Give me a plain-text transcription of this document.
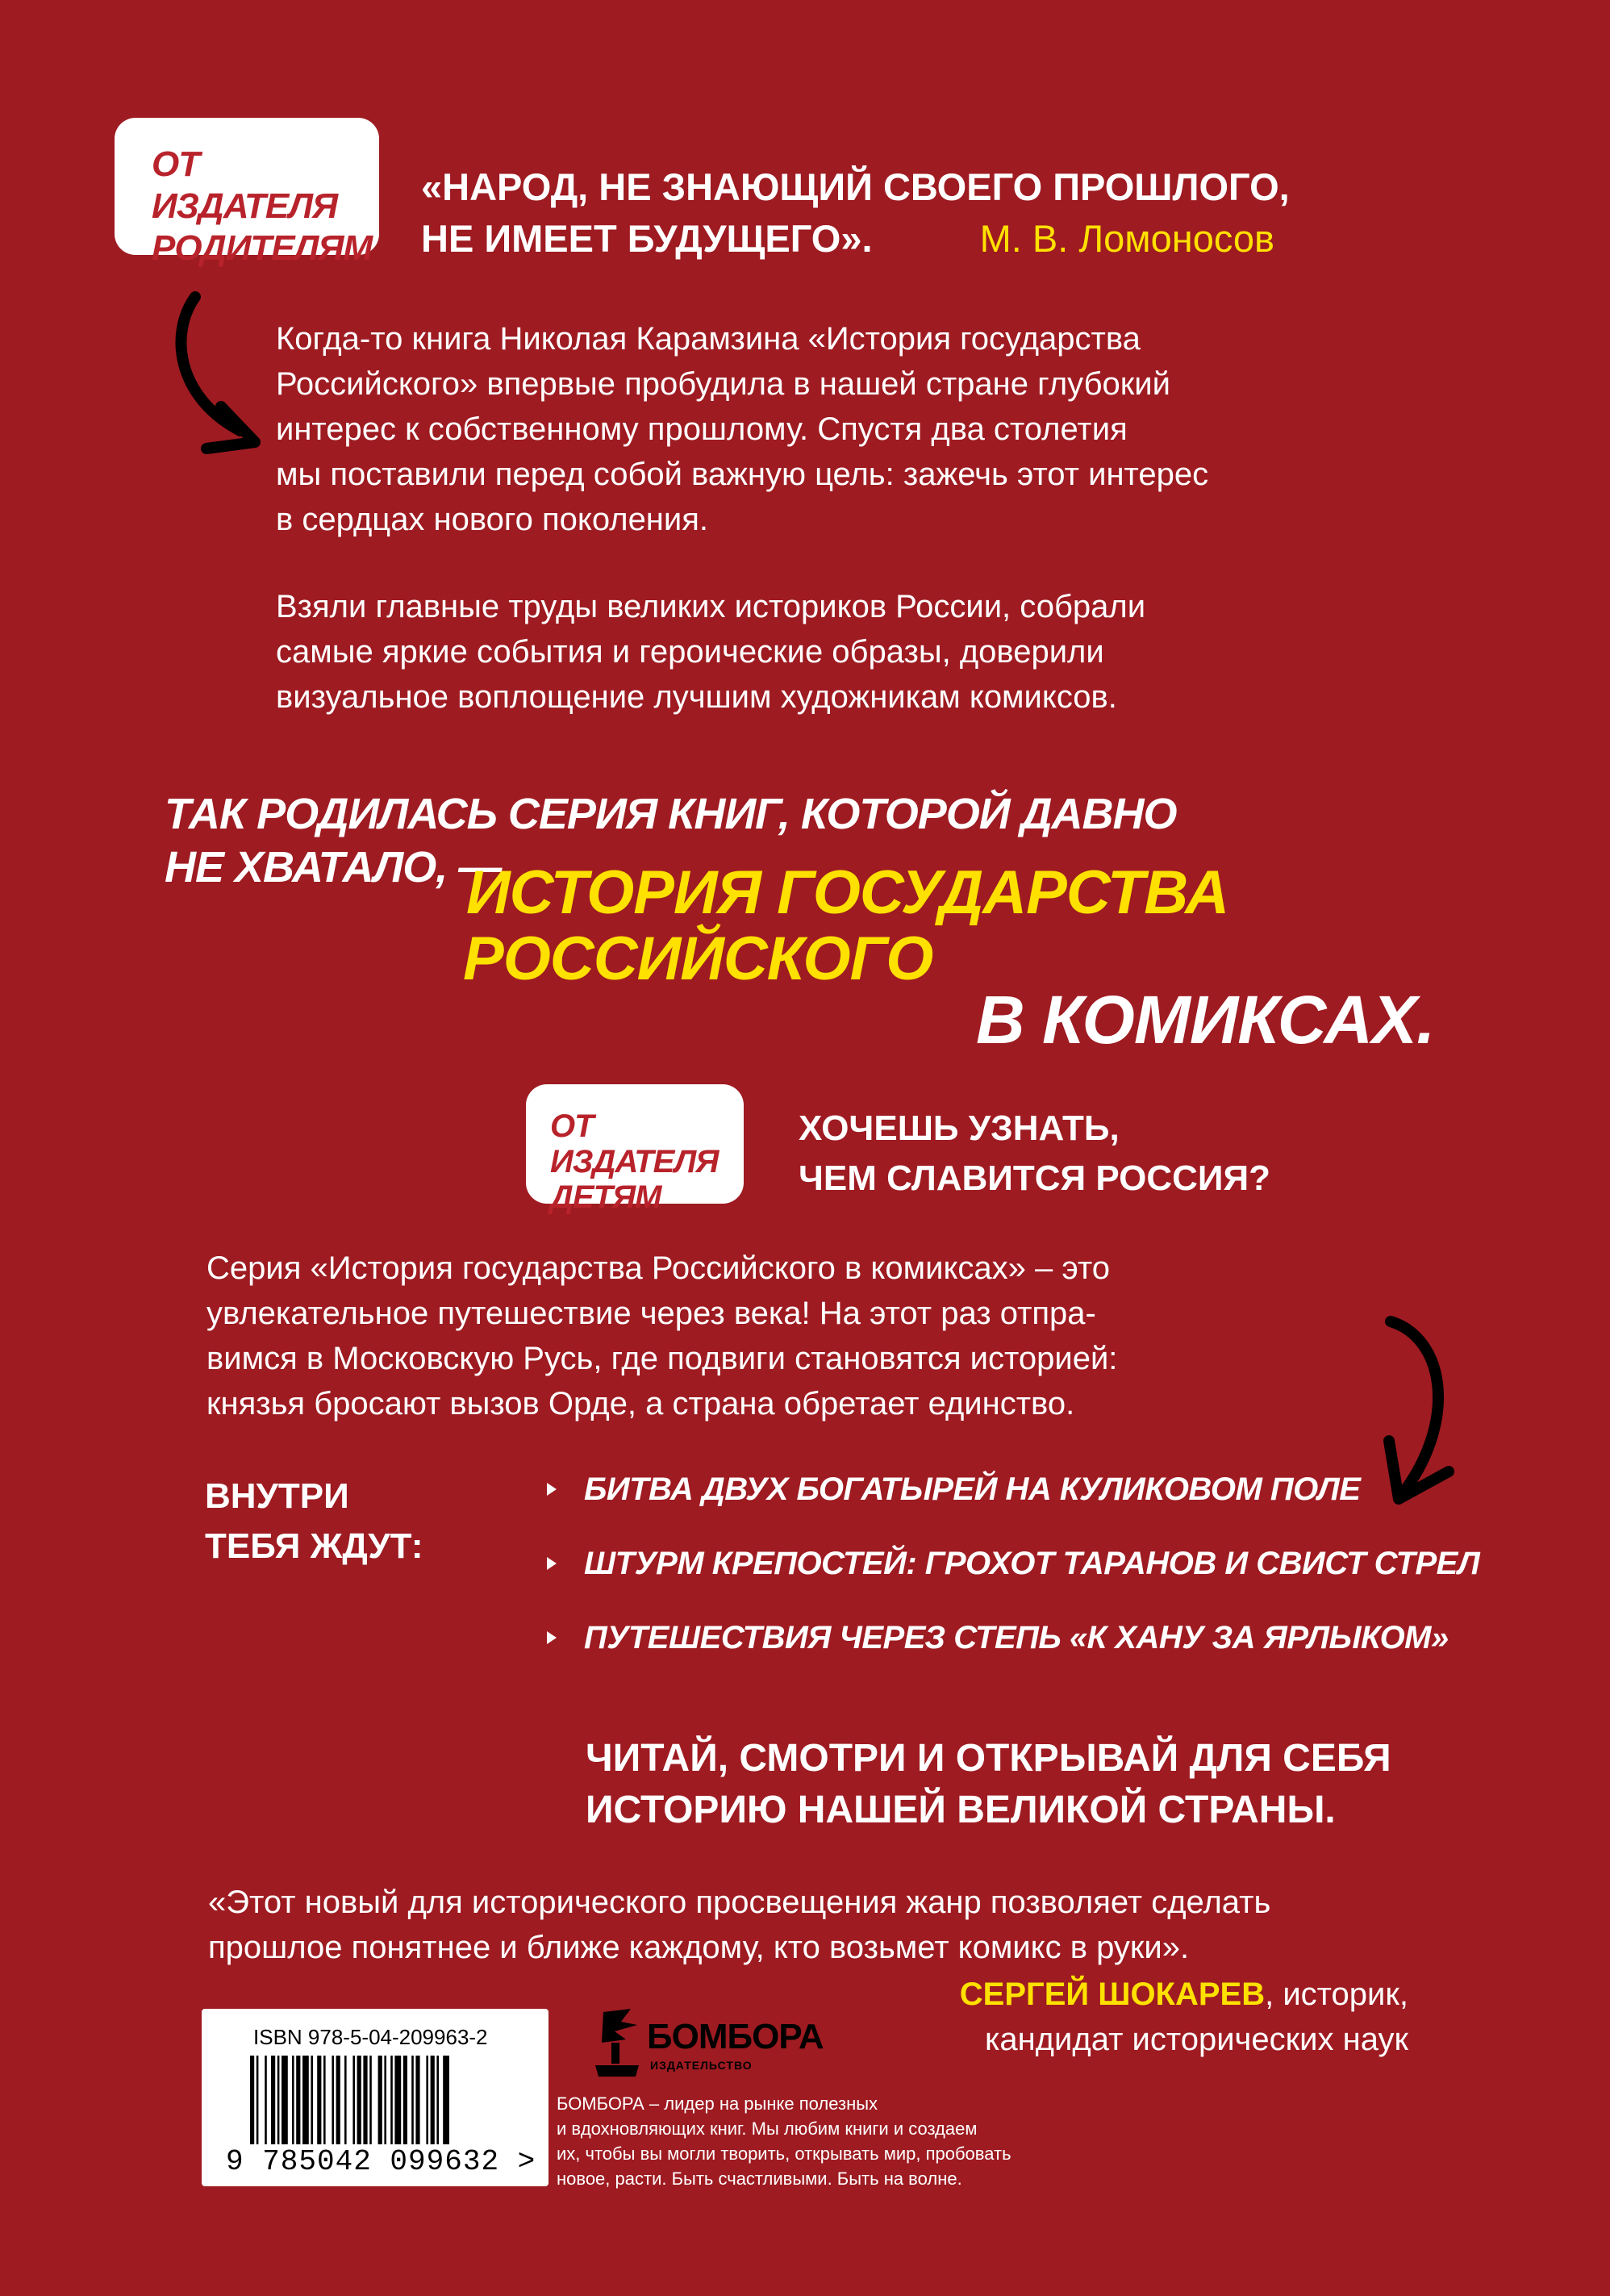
ОТ ИЗДАТЕЛЯ
РОДИТЕЛЯМ
«НАРОД, НЕ ЗНАЮЩИЙ СВОЕГО ПРОШЛОГО,
НЕ ИМЕЕТ БУДУЩЕГО».	М. В. Ломоносов
Когда-то книга Николая Карамзина «История государства
Российского» впервые пробудила в нашей стране глубокий
интерес к собственному прошлому. Спустя два столетия
мы поставили перед собой важную цель: зажечь этот интерес
в сердцах нового поколения.
Взяли главные труды великих историков России, собрали
самые яркие события и героические образы, доверили
визуальное воплощение лучшим художникам комиксов.
ТАК РОДИЛАСЬ СЕРИЯ КНИГ, КОТОРОЙ ДАВНО
НЕ ХВАТАЛО, —
ИСТОРИЯ ГОСУДАРСТВА
РОССИЙСКОГО
В КОМИКСАХ.
ОТ ИЗДАТЕЛЯ
ДЕТЯМ
ХОЧЕШЬ УЗНАТЬ,
ЧЕМ СЛАВИТСЯ РОССИЯ?
Серия «История государства Российского в комиксах» – это
увлекательное путешествие через века! На этот раз отпра-
вимся в Московскую Русь, где подвиги становятся историей:
князья бросают вызов Орде, а страна обретает единство.
ВНУТРИ
ТЕБЯ ЖДУТ:
БИТВА ДВУХ БОГАТЫРЕЙ НА КУЛИКОВОМ ПОЛЕ
ШТУРМ КРЕПОСТЕЙ: ГРОХОТ ТАРАНОВ И СВИСТ СТРЕЛ
ПУТЕШЕСТВИЯ ЧЕРЕЗ СТЕПЬ «К ХАНУ ЗА ЯРЛЫКОМ»
ЧИТАЙ, СМОТРИ И ОТКРЫВАЙ ДЛЯ СЕБЯ
ИСТОРИЮ НАШЕЙ ВЕЛИКОЙ СТРАНЫ.
«Этот новый для исторического просвещения жанр позволяет сделать
прошлое понятнее и ближе каждому, кто возьмет комикс в руки».
СЕРГЕЙ ШОКАРЕВ, историк,
кандидат исторических наук
ISBN 978-5-04-209963-2
9 785042 099632 >
БОМБОРА
ИЗДАТЕЛЬСТВО
БОМБОРА – лидер на рынке полезных
и вдохновляющих книг. Мы любим книги и создаем
их, чтобы вы могли творить, открывать мир, пробовать
новое, расти. Быть счастливыми. Быть на волне.
